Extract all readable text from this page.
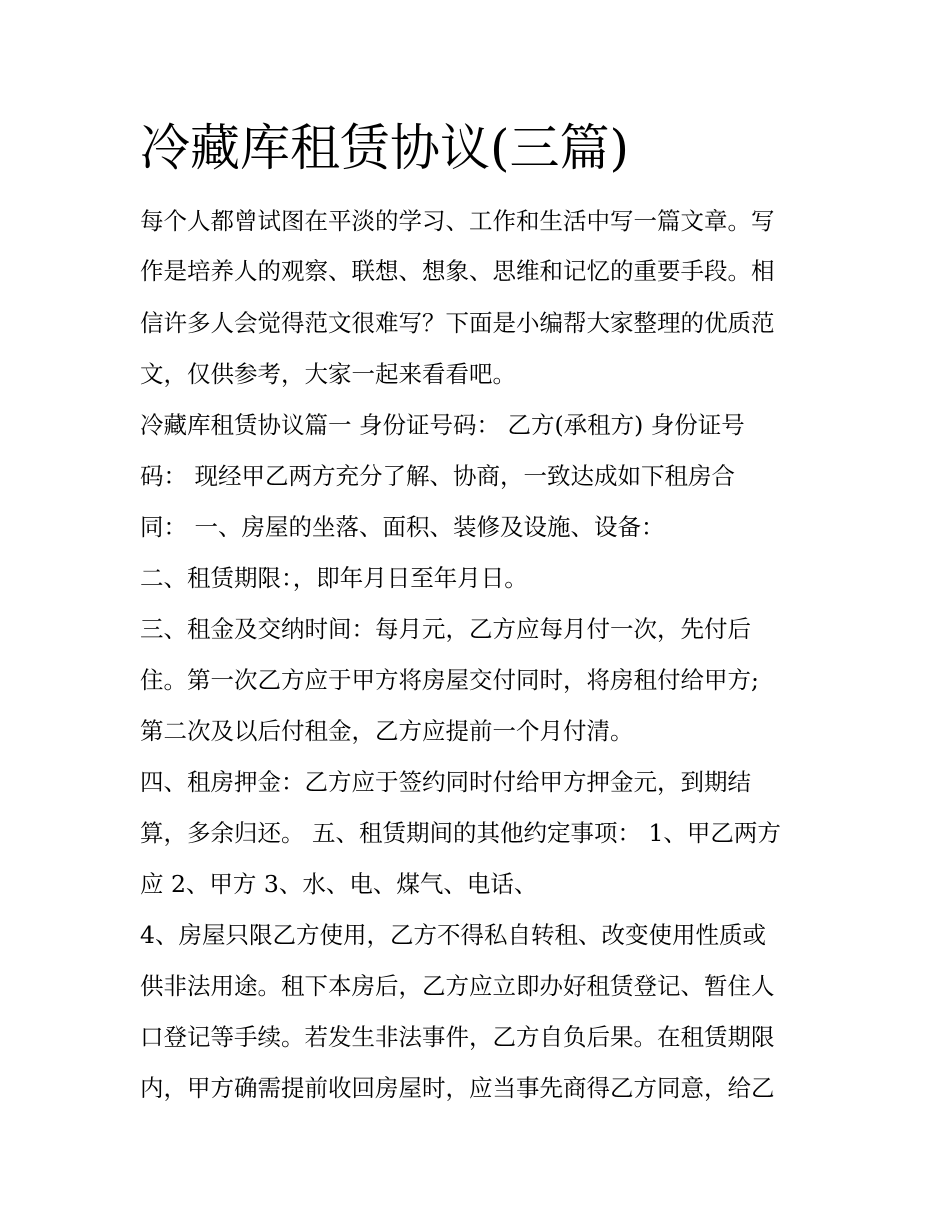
冷藏库租赁协议(三篇)

每个人都曾试图在平淡的学习、工作和生活中写一篇文章。写

作是培养人的观察、联想、想象、思维和记忆的重要手段。相

信许多人会觉得范文很难写？下面是小编帮大家整理的优质范

文，仅供参考，大家一起来看看吧。

冷藏库租赁协议篇一 身份证号码： 乙方(承租方) 身份证号

码： 现经甲乙两方充分了解、协商，一致达成如下租房合

同： 一、房屋的坐落、面积、装修及设施、设备：

二、租赁期限：，即年月日至年月日。

三、租金及交纳时间：每月元，乙方应每月付一次，先付后

住。第一次乙方应于甲方将房屋交付同时，将房租付给甲方;

第二次及以后付租金，乙方应提前一个月付清。

四、租房押金：乙方应于签约同时付给甲方押金元，到期结

算，多余归还。 五、租赁期间的其他约定事项： 1、甲乙两方

应 2、甲方 3、水、电、煤气、电话、

4、房屋只限乙方使用，乙方不得私自转租、改变使用性质或

供非法用途。租下本房后，乙方应立即办好租赁登记、暂住人

口登记等手续。若发生非法事件，乙方自负后果。在租赁期限

内，甲方确需提前收回房屋时，应当事先商得乙方同意，给乙
